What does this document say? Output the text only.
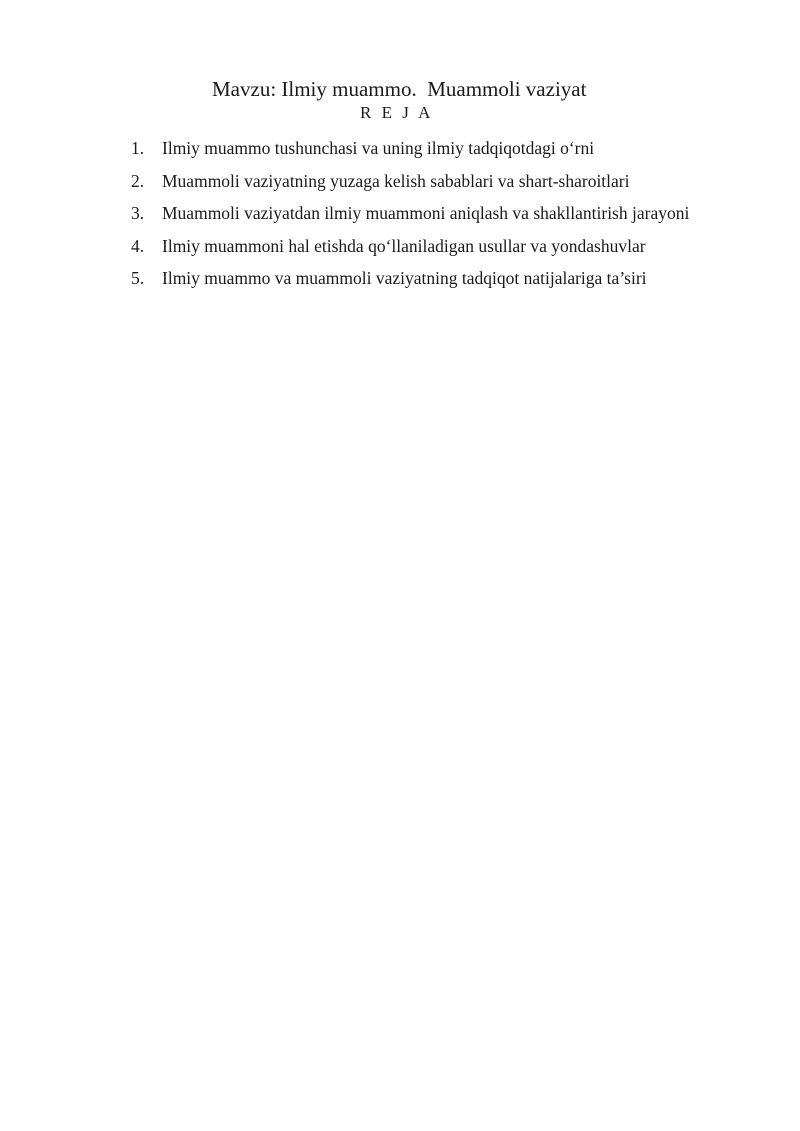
Mavzu: Ilmiy muammo.  Muammoli vaziyat
R E J A
1. Ilmiy muammo tushunchasi va uning ilmiy tadqiqotdagi o‘rni
2. Muammoli vaziyatning yuzaga kelish sabablari va shart-sharoitlari
3. Muammoli vaziyatdan ilmiy muammoni aniqlash va shakllantirish jarayoni
4. Ilmiy muammoni hal etishda qo‘llaniladigan usullar va yondashuvlar
5. Ilmiy muammo va muammoli vaziyatning tadqiqot natijalariga ta’siri
